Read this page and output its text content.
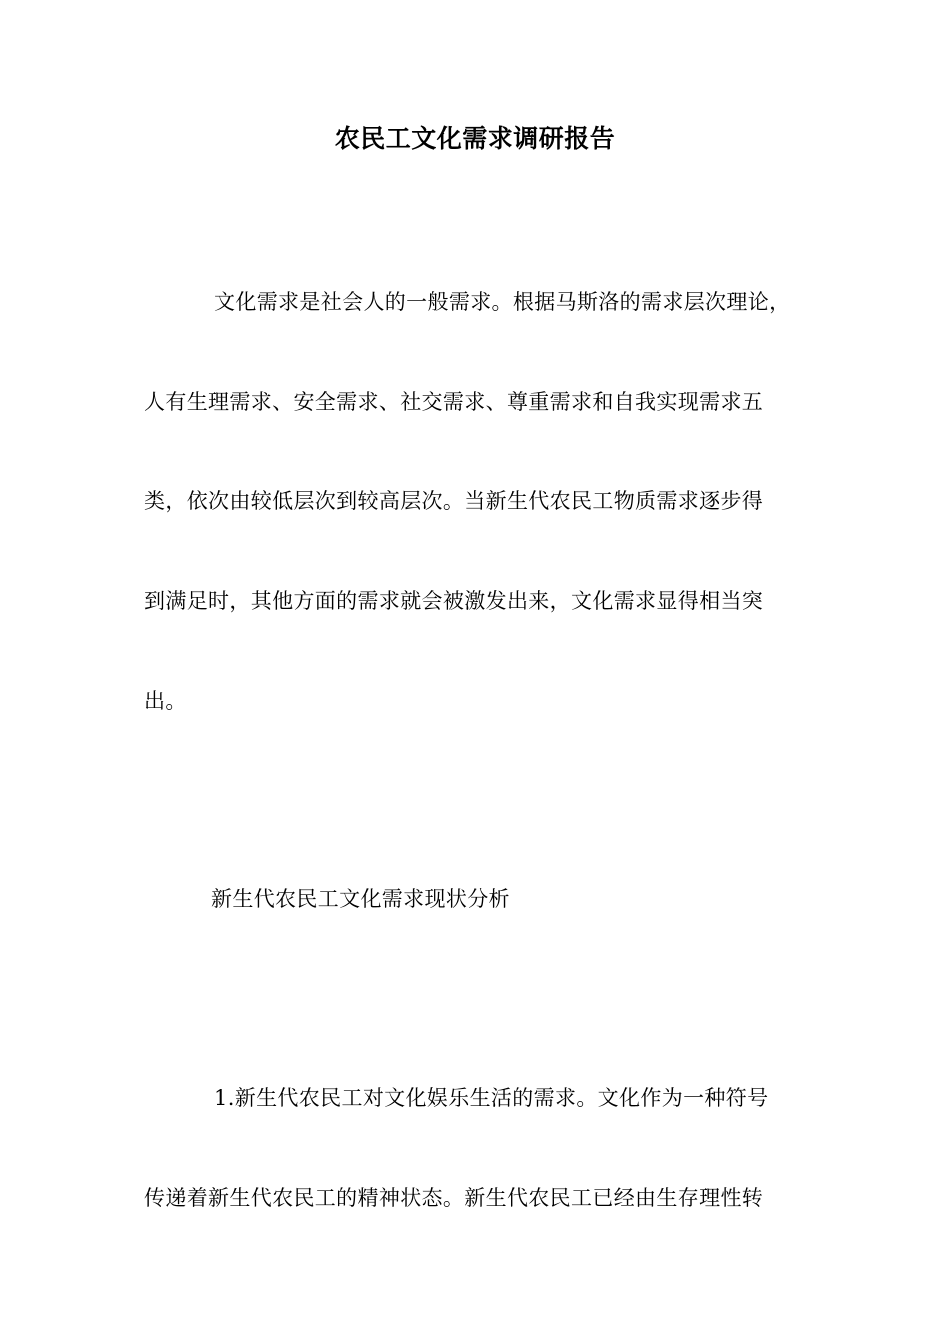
农民工文化需求调研报告
文化需求是社会人的一般需求。根据马斯洛的需求层次理论，
人有生理需求、安全需求、社交需求、尊重需求和自我实现需求五
类，依次由较低层次到较高层次。当新生代农民工物质需求逐步得
到满足时，其他方面的需求就会被激发出来，文化需求显得相当突
出。
新生代农民工文化需求现状分析
1.新生代农民工对文化娱乐生活的需求。文化作为一种符号
传递着新生代农民工的精神状态。新生代农民工已经由生存理性转
